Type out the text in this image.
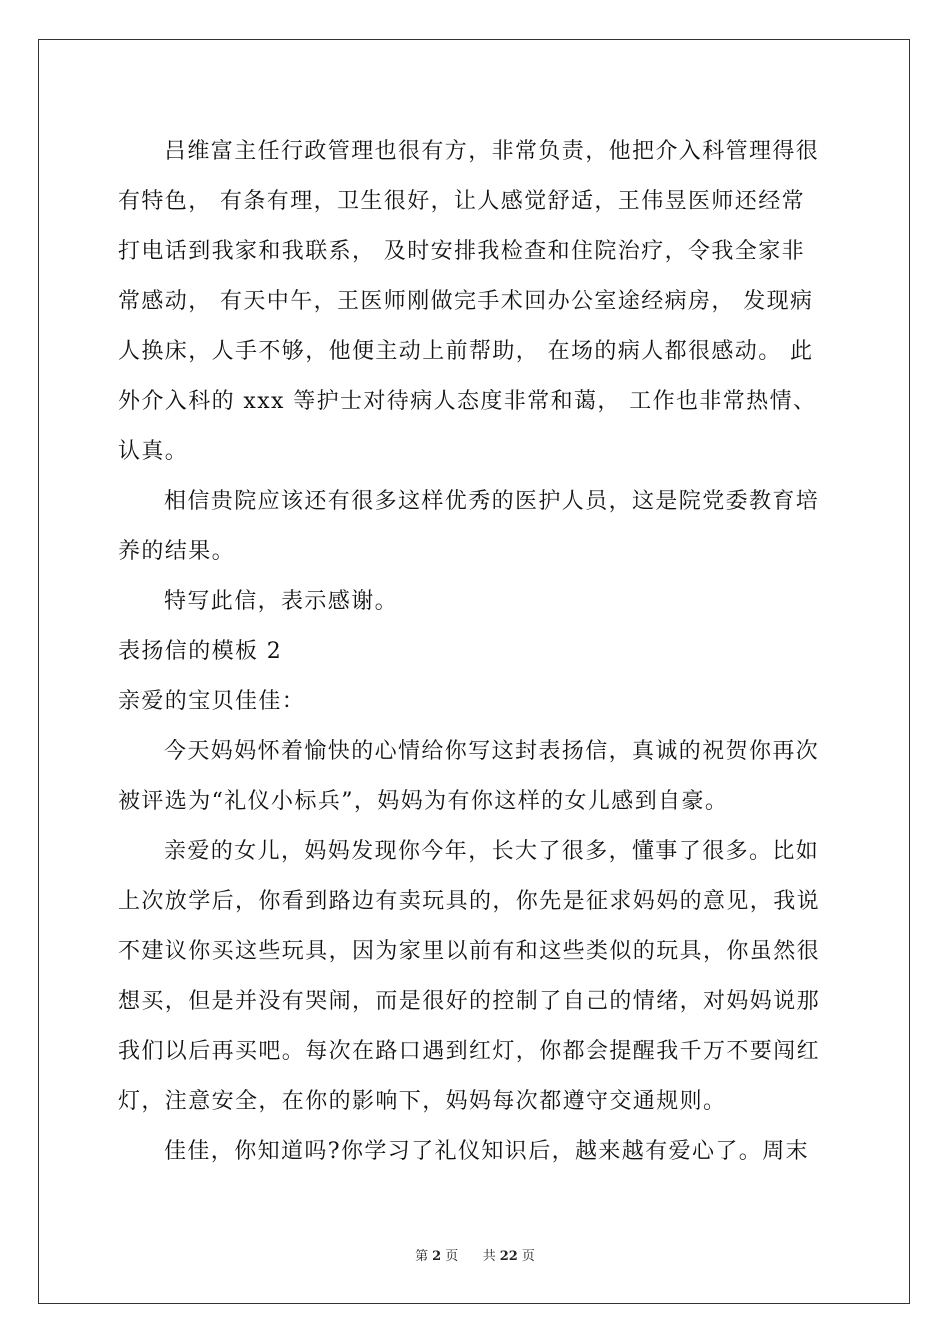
吕维富主任行政管理也很有方，非常负责，他把介入科管理得很
有特色， 有条有理，卫生很好，让人感觉舒适，王伟昱医师还经常
打电话到我家和我联系， 及时安排我检查和住院治疗，令我全家非
常感动， 有天中午，王医师刚做完手术回办公室途经病房， 发现病
人换床，人手不够，他便主动上前帮助， 在场的病人都很感动。 此
外介入科的 xxx 等护士对待病人态度非常和蔼， 工作也非常热情、
认真。
相信贵院应该还有很多这样优秀的医护人员，这是院党委教育培
养的结果。
特写此信，表示感谢。
表扬信的模板 2
亲爱的宝贝佳佳：
今天妈妈怀着愉快的心情给你写这封表扬信，真诚的祝贺你再次
被评选为“礼仪小标兵”，妈妈为有你这样的女儿感到自豪。
亲爱的女儿，妈妈发现你今年，长大了很多，懂事了很多。比如
上次放学后，你看到路边有卖玩具的，你先是征求妈妈的意见，我说
不建议你买这些玩具，因为家里以前有和这些类似的玩具，你虽然很
想买，但是并没有哭闹，而是很好的控制了自己的情绪，对妈妈说那
我们以后再买吧。每次在路口遇到红灯，你都会提醒我千万不要闯红
灯，注意安全，在你的影响下，妈妈每次都遵守交通规则。
佳佳，你知道吗?你学习了礼仪知识后，越来越有爱心了。周末
第 2 页 共 22 页
